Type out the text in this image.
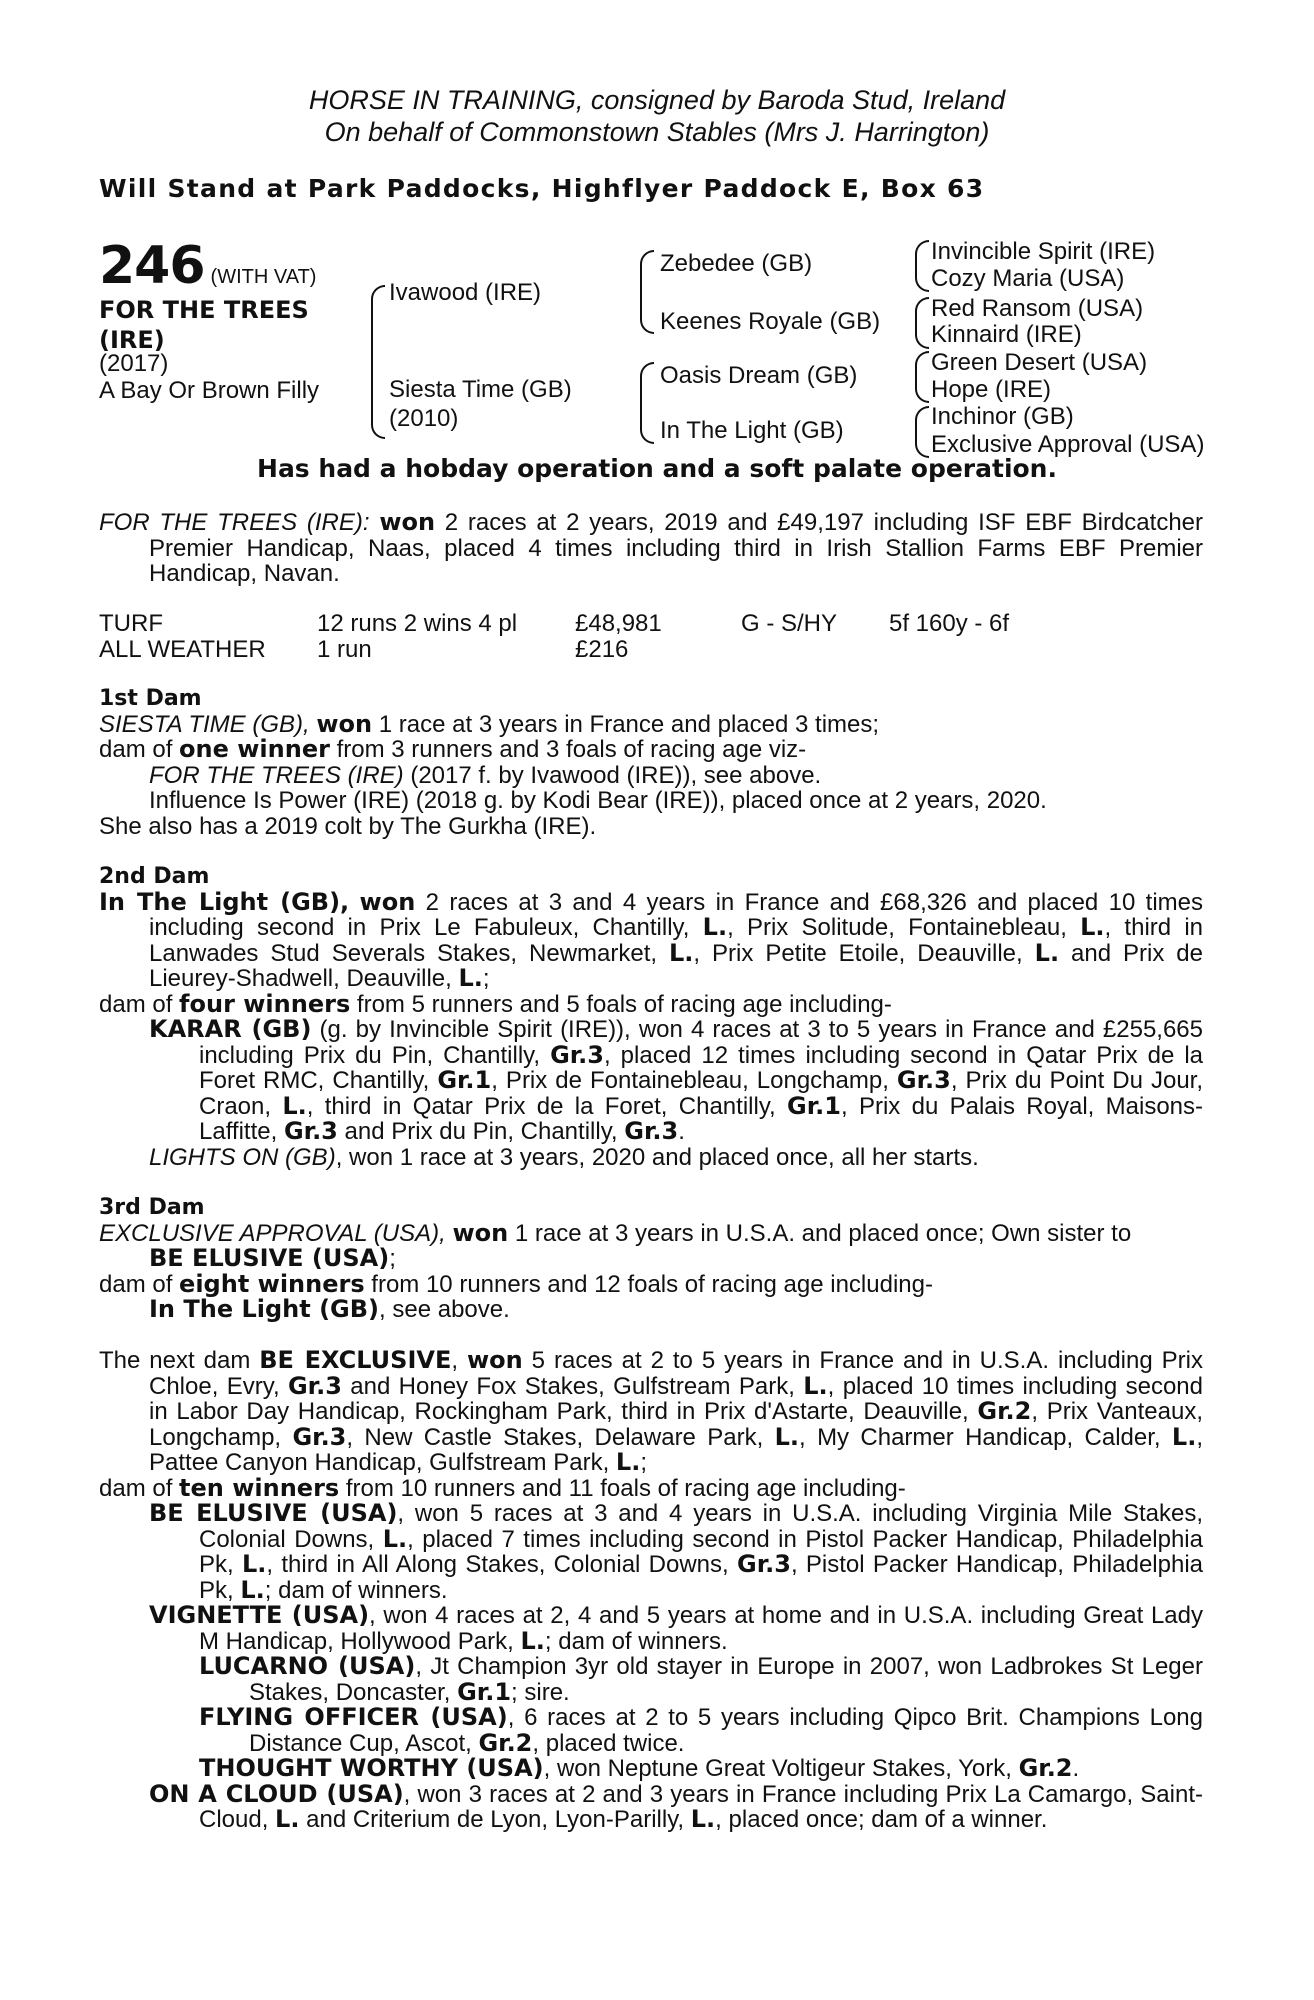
HORSE IN TRAINING, consigned by Baroda Stud, Ireland
On behalf of Commonstown Stables (Mrs J. Harrington)
Will Stand at Park Paddocks, Highflyer Paddock E, Box 63
246 (WITH VAT)
FOR THE TREES
(IRE)
(2017)
A Bay Or Brown Filly
Ivawood (IRE)
Siesta Time (GB)
(2010)
Zebedee (GB)
Keenes Royale (GB)
Oasis Dream (GB)
In The Light (GB)
Invincible Spirit (IRE)
Cozy Maria (USA)
Red Ransom (USA)
Kinnaird (IRE)
Green Desert (USA)
Hope (IRE)
Inchinor (GB)
Exclusive Approval (USA)
Has had a hobday operation and a soft palate operation.

FOR THE TREES (IRE): won 2 races at 2 years, 2019 and £49,197 including ISF EBF Birdcatcher Premier Handicap, Naas, placed 4 times including third in Irish Stallion Farms EBF Premier Handicap, Navan.

TURF	12 runs 2 wins 4 pl £48,981	G - S/HY 5f 160y - 6f
ALL WEATHER 1 run	£216
1st Dam

SIESTA TIME (GB), won 1 race at 3 years in France and placed 3 times;

dam of one winner from 3 runners and 3 foals of racing age viz-

FOR THE TREES (IRE) (2017 f. by Ivawood (IRE)), see above.

Influence Is Power (IRE) (2018 g. by Kodi Bear (IRE)), placed once at 2 years, 2020.

She also has a 2019 colt by The Gurkha (IRE).

2nd Dam

In The Light (GB), won 2 races at 3 and 4 years in France and £68,326 and placed 10 times including second in Prix Le Fabuleux, Chantilly, L., Prix Solitude, Fontainebleau, L., third in Lanwades Stud Severals Stakes, Newmarket, L., Prix Petite Etoile, Deauville, L. and Prix de Lieurey-Shadwell, Deauville, L.;

dam of four winners from 5 runners and 5 foals of racing age including-

KARAR (GB) (g. by Invincible Spirit (IRE)), won 4 races at 3 to 5 years in France and £255,665 including Prix du Pin, Chantilly, Gr.3, placed 12 times including second in Qatar Prix de la Foret RMC, Chantilly, Gr.1, Prix de Fontainebleau, Longchamp, Gr.3, Prix du Point Du Jour, Craon, L., third in Qatar Prix de la Foret, Chantilly, Gr.1, Prix du Palais Royal, Maisons-Laffitte, Gr.3 and Prix du Pin, Chantilly, Gr.3.

LIGHTS ON (GB), won 1 race at 3 years, 2020 and placed once, all her starts.

3rd Dam

EXCLUSIVE APPROVAL (USA), won 1 race at 3 years in U.S.A. and placed once; Own sister to

BE ELUSIVE (USA);

dam of eight winners from 10 runners and 12 foals of racing age including-

In The Light (GB), see above.

The next dam BE EXCLUSIVE, won 5 races at 2 to 5 years in France and in U.S.A. including Prix Chloe, Evry, Gr.3 and Honey Fox Stakes, Gulfstream Park, L., placed 10 times including second in Labor Day Handicap, Rockingham Park, third in Prix d'Astarte, Deauville, Gr.2, Prix Vanteaux, Longchamp, Gr.3, New Castle Stakes, Delaware Park, L., My Charmer Handicap, Calder, L., Pattee Canyon Handicap, Gulfstream Park, L.;

dam of ten winners from 10 runners and 11 foals of racing age including-

BE ELUSIVE (USA), won 5 races at 3 and 4 years in U.S.A. including Virginia Mile Stakes, Colonial Downs, L., placed 7 times including second in Pistol Packer Handicap, Philadelphia Pk, L., third in All Along Stakes, Colonial Downs, Gr.3, Pistol Packer Handicap, Philadelphia Pk, L.; dam of winners.

VIGNETTE (USA), won 4 races at 2, 4 and 5 years at home and in U.S.A. including Great Lady M Handicap, Hollywood Park, L.; dam of winners.

LUCARNO (USA), Jt Champion 3yr old stayer in Europe in 2007, won Ladbrokes St Leger Stakes, Doncaster, Gr.1; sire.

FLYING OFFICER (USA), 6 races at 2 to 5 years including Qipco Brit. Champions Long Distance Cup, Ascot, Gr.2, placed twice.

THOUGHT WORTHY (USA), won Neptune Great Voltigeur Stakes, York, Gr.2.

ON A CLOUD (USA), won 3 races at 2 and 3 years in France including Prix La Camargo, Saint-Cloud, L. and Criterium de Lyon, Lyon-Parilly, L., placed once; dam of a winner.
